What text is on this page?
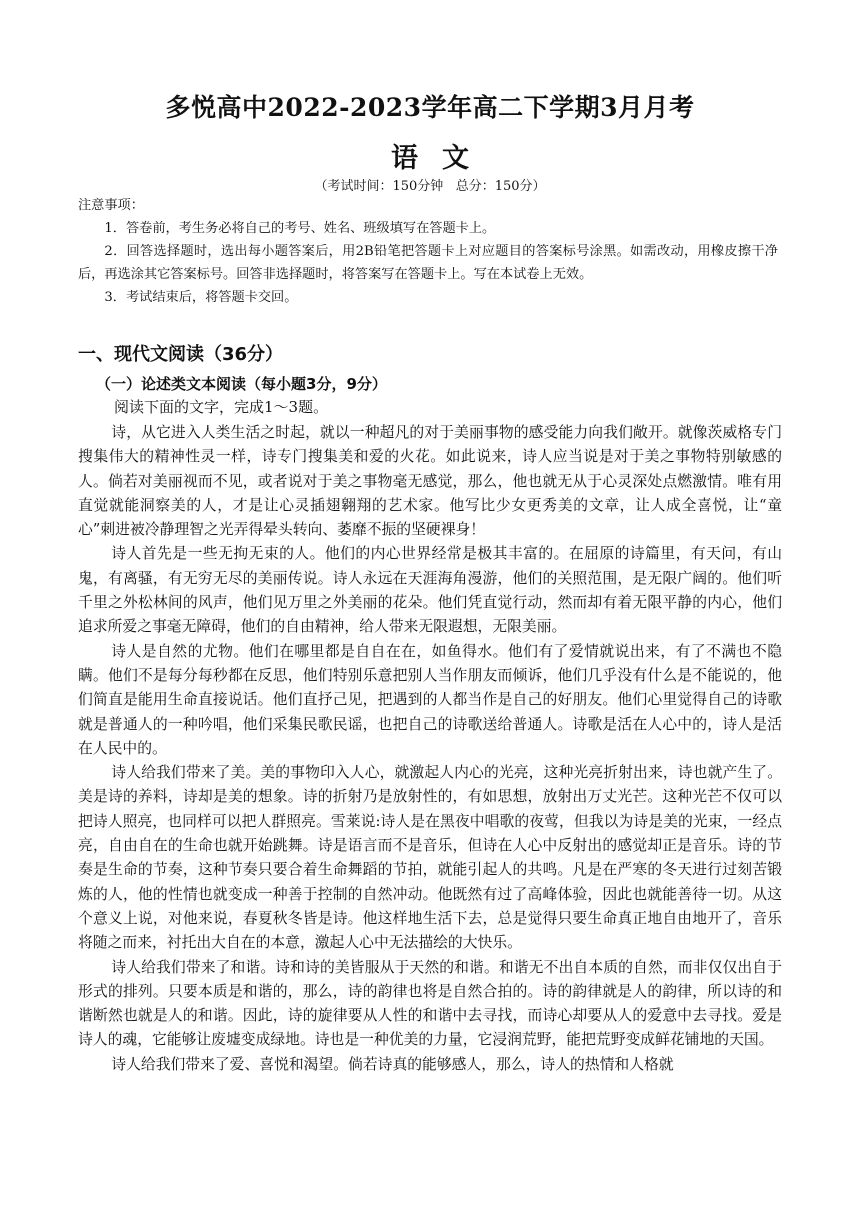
多悦高中2022-2023学年高二下学期3月月考
语文
（考试时间：150分钟   总分：150分）

注意事项：

1．答卷前，考生务必将自己的考号、姓名、班级填写在答题卡上。

2．回答选择题时，选出每小题答案后，用2B铅笔把答题卡上对应题目的答案标号涂黑。如需改动，用橡皮擦干净后，再选涂其它答案标号。回答非选择题时，将答案写在答题卡上。写在本试卷上无效。

3．考试结束后，将答题卡交回。

一、现代文阅读（36分）
（一）论述类文本阅读（每小题3分，9分）
阅读下面的文字，完成1～3题。

诗，从它进入人类生活之时起，就以一种超凡的对于美丽事物的感受能力向我们敞开。就像茨威格专门搜集伟大的精神性灵一样，诗专门搜集美和爱的火花。如此说来，诗人应当说是对于美之事物特别敏感的人。倘若对美丽视而不见，或者说对于美之事物毫无感觉，那么，他也就无从于心灵深处点燃激情。唯有用直觉就能洞察美的人，才是让心灵插翅翱翔的艺术家。他写比少女更秀美的文章，让人成全喜悦，让“童心”刺进被冷静理智之光弄得晕头转向、萎靡不振的坚硬裸身！

诗人首先是一些无拘无束的人。他们的内心世界经常是极其丰富的。在屈原的诗篇里，有天问，有山鬼，有离骚，有无穷无尽的美丽传说。诗人永远在天涯海角漫游，他们的关照范围，是无限广阔的。他们听千里之外松林间的风声，他们见万里之外美丽的花朵。他们凭直觉行动，然而却有着无限平静的内心，他们追求所爱之事毫无障碍，他们的自由精神，给人带来无限遐想，无限美丽。

诗人是自然的尤物。他们在哪里都是自自在在，如鱼得水。他们有了爱情就说出来，有了不满也不隐瞒。他们不是每分每秒都在反思，他们特别乐意把别人当作朋友而倾诉，他们几乎没有什么是不能说的，他们简直是能用生命直接说话。他们直抒己见，把遇到的人都当作是自己的好朋友。他们心里觉得自己的诗歌就是普通人的一种吟唱，他们采集民歌民谣，也把自己的诗歌送给普通人。诗歌是活在人心中的，诗人是活在人民中的。

诗人给我们带来了美。美的事物印入人心，就激起人内心的光亮，这种光亮折射出来，诗也就产生了。美是诗的养料，诗却是美的想象。诗的折射乃是放射性的，有如思想，放射出万丈光芒。这种光芒不仅可以把诗人照亮，也同样可以把人群照亮。雪莱说:诗人是在黑夜中唱歌的夜莺，但我以为诗是美的光束，一经点亮，自由自在的生命也就开始跳舞。诗是语言而不是音乐，但诗在人心中反射出的感觉却正是音乐。诗的节奏是生命的节奏，这种节奏只要合着生命舞蹈的节拍，就能引起人的共鸣。凡是在严寒的冬天进行过刻苦锻炼的人，他的性情也就变成一种善于控制的自然冲动。他既然有过了高峰体验，因此也就能善待一切。从这个意义上说，对他来说，春夏秋冬皆是诗。他这样地生活下去，总是觉得只要生命真正地自由地开了，音乐将随之而来，衬托出大自在的本意，激起人心中无法描绘的大快乐。

诗人给我们带来了和谐。诗和诗的美皆服从于天然的和谐。和谐无不出自本质的自然，而非仅仅出自于形式的排列。只要本质是和谐的，那么，诗的韵律也将是自然合拍的。诗的韵律就是人的韵律，所以诗的和谐断然也就是人的和谐。因此，诗的旋律要从人性的和谐中去寻找，而诗心却要从人的爱意中去寻找。爱是诗人的魂，它能够让废墟变成绿地。诗也是一种优美的力量，它浸润荒野，能把荒野变成鲜花铺地的天国。

诗人给我们带来了爱、喜悦和渴望。倘若诗真的能够感人，那么，诗人的热情和人格就
